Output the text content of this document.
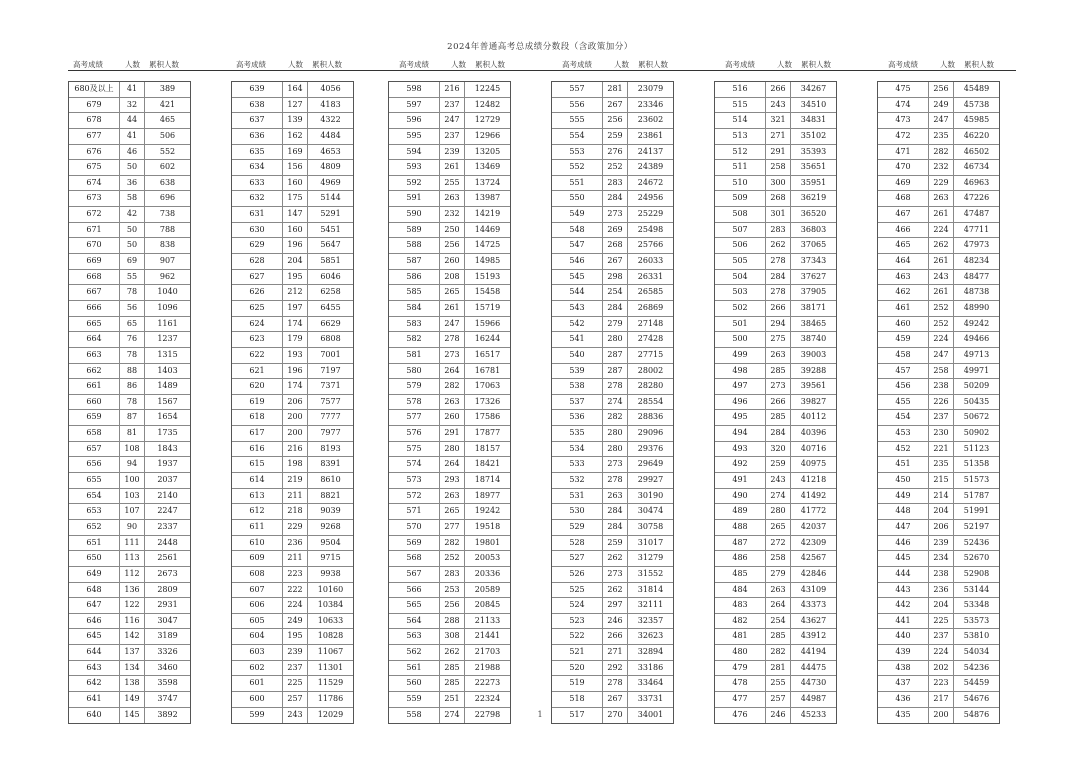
2024年普通高考总成绩分数段（含政策加分）
高考成绩	人数 累积人数	高考成绩	人数 累积人数	高考成绩	人数 累积人数	高考成绩	人数 累积人数	高考成绩	人数 累积人数	高考成绩	人数 累积人数
680及以上	41	389
679	32	421
678	44	465
677	41	506
676	46	552
675	50	602
674	36	638
673	58	696
672	42	738
671	50	788
670	50	838
669	69	907
668	55	962
667	78	1040
666	56	1096
665	65	1161
664	76	1237
663	78	1315
662	88	1403
661	86	1489
660	78	1567
659	87	1654
658	81	1735
657	108	1843
656	94	1937
655	100	2037
654	103	2140
653	107	2247
652	90	2337
651	111	2448
650	113	2561
649	112	2673
648	136	2809
647	122	2931
646	116	3047
645	142	3189
644	137	3326
643	134	3460
642	138	3598
641	149	3747
640	145	3892
639	164	4056
638	127	4183
637	139	4322
636	162	4484
635	169	4653
634	156	4809
633	160	4969
632	175	5144
631	147	5291
630	160	5451
629	196	5647
628	204	5851
627	195	6046
626	212	6258
625	197	6455
624	174	6629
623	179	6808
622	193	7001
621	196	7197
620	174	7371
619	206	7577
618	200	7777
617	200	7977
616	216	8193
615	198	8391
614	219	8610
613	211	8821
612	218	9039
611	229	9268
610	236	9504
609	211	9715
608	223	9938
607	222	10160
606	224	10384
605	249	10633
604	195	10828
603	239	11067
602	237	11301
601	225	11529
600	257	11786
599	243	12029
598	216	12245
597	237	12482
596	247	12729
595	237	12966
594	239	13205
593	261	13469
592	255	13724
591	263	13987
590	232	14219
589	250	14469
588	256	14725
587	260	14985
586	208	15193
585	265	15458
584	261	15719
583	247	15966
582	278	16244
581	273	16517
580	264	16781
579	282	17063
578	263	17326
577	260	17586
576	291	17877
575	280	18157
574	264	18421
573	293	18714
572	263	18977
571	265	19242
570	277	19518
569	282	19801
568	252	20053
567	283	20336
566	253	20589
565	256	20845
564	288	21133
563	308	21441
562	262	21703
561	285	21988
560	285	22273
559	251	22324
558	274	22798
557	281	23079
556	267	23346
555	256	23602
554	259	23861
553	276	24137
552	252	24389
551	283	24672
550	284	24956
549	273	25229
548	269	25498
547	268	25766
546	267	26033
545	298	26331
544	254	26585
543	284	26869
542	279	27148
541	280	27428
540	287	27715
539	287	28002
538	278	28280
537	274	28554
536	282	28836
535	280	29096
534	280	29376
533	273	29649
532	278	29927
531	263	30190
530	284	30474
529	284	30758
528	259	31017
527	262	31279
526	273	31552
525	262	31814
524	297	32111
523	246	32357
522	266	32623
521	271	32894
520	292	33186
519	278	33464
518	267	33731
517	270	34001
516	266	34267
515	243	34510
514	321	34831
513	271	35102
512	291	35393
511	258	35651
510	300	35951
509	268	36219
508	301	36520
507	283	36803
506	262	37065
505	278	37343
504	284	37627
503	278	37905
502	266	38171
501	294	38465
500	275	38740
499	263	39003
498	285	39288
497	273	39561
496	266	39827
495	285	40112
494	284	40396
493	320	40716
492	259	40975
491	243	41218
490	274	41492
489	280	41772
488	265	42037
487	272	42309
486	258	42567
485	279	42846
484	263	43109
483	264	43373
482	254	43627
481	285	43912
480	282	44194
479	281	44475
478	255	44730
477	257	44987
476	246	45233
475	256	45489
474	249	45738
473	247	45985
472	235	46220
471	282	46502
470	232	46734
469	229	46963
468	263	47226
467	261	47487
466	224	47711
465	262	47973
464	261	48234
463	243	48477
462	261	48738
461	252	48990
460	252	49242
459	224	49466
458	247	49713
457	258	49971
456	238	50209
455	226	50435
454	237	50672
453	230	50902
452	221	51123
451	235	51358
450	215	51573
449	214	51787
448	204	51991
447	206	52197
446	239	52436
445	234	52670
444	238	52908
443	236	53144
442	204	53348
441	225	53573
440	237	53810
439	224	54034
438	202	54236
437	223	54459
436	217	54676
435	200	54876
1
